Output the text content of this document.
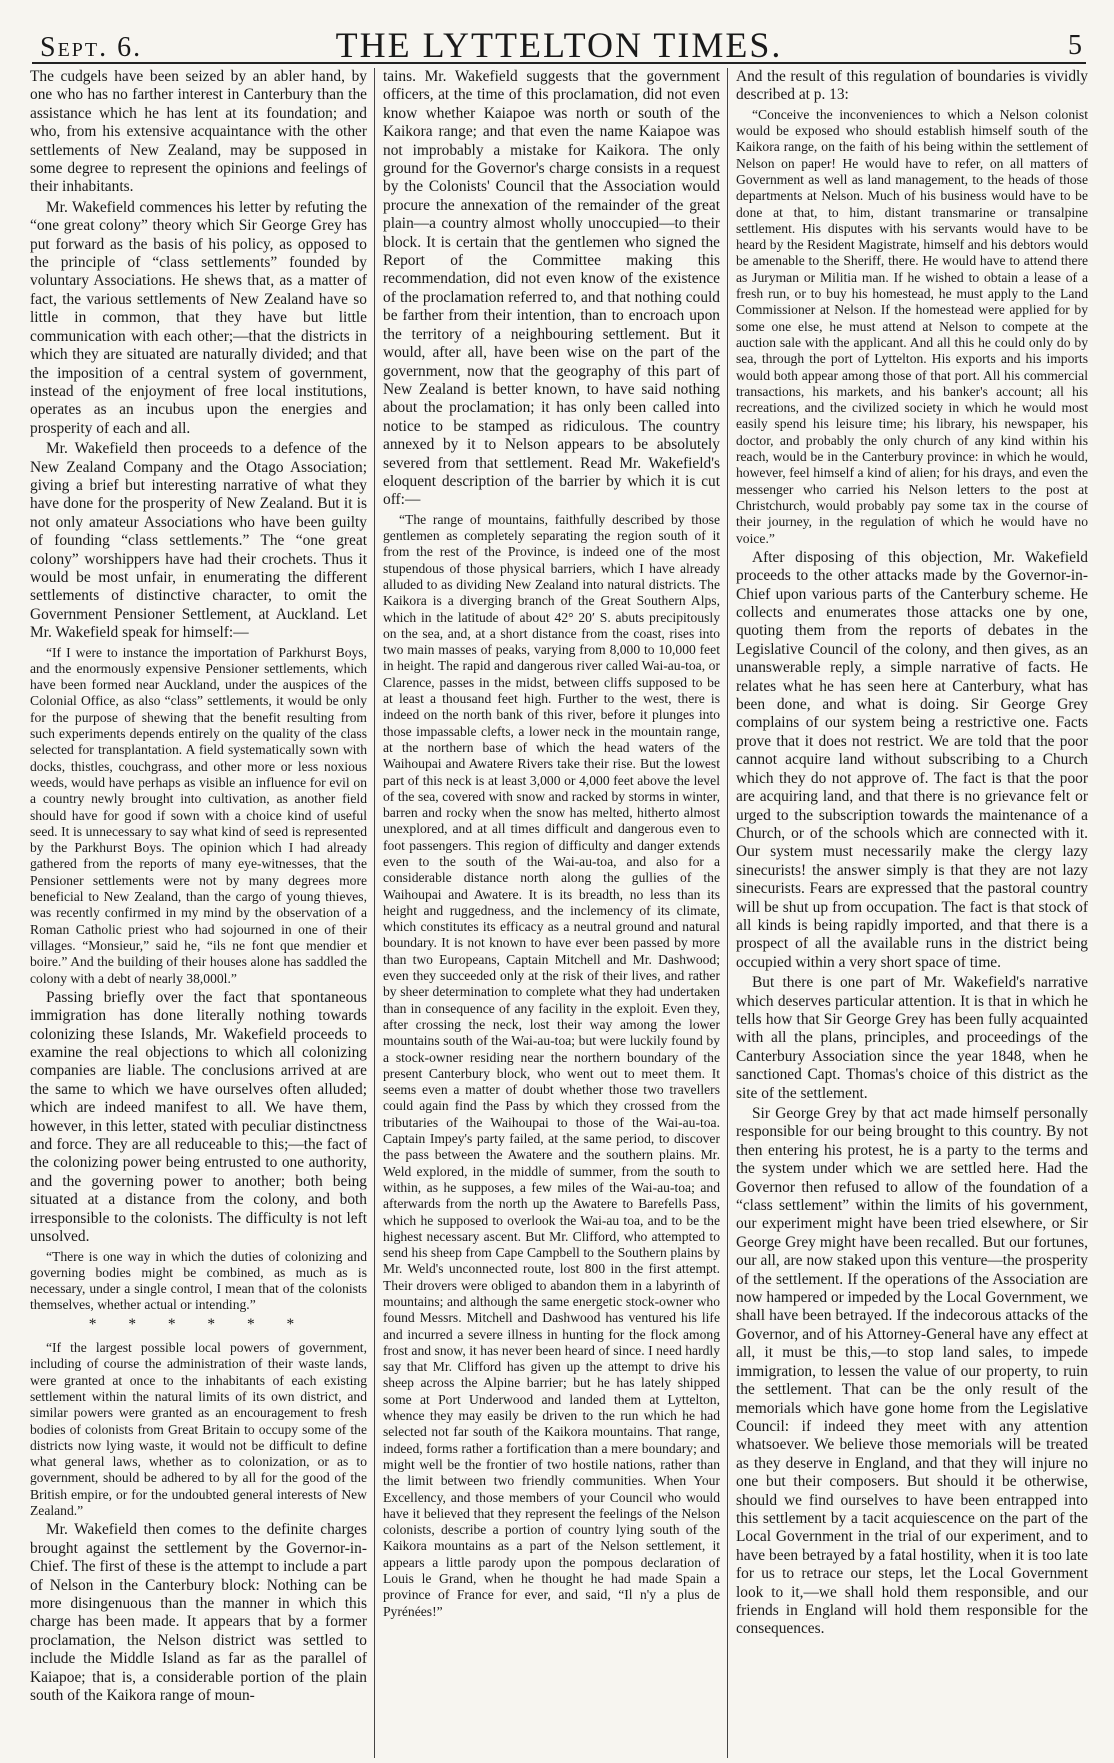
Sept. 6.	THE LYTTELTON TIMES.	5

The cudgels have been seized by an abler hand, by one who has no farther interest in Canterbury than the assistance which he has lent at its foundation; and who, from his extensive acquaintance with the other settlements of New Zealand, may be supposed in some degree to represent the opinions and feelings of their inhabitants.

Mr. Wakefield commences his letter by refuting the “one great colony” theory which Sir George Grey has put forward as the basis of his policy, as opposed to the principle of “class settlements” founded by voluntary Associations. He shews that, as a matter of fact, the various settlements of New Zealand have so little in common, that they have but little communication with each other;—that the districts in which they are situated are naturally divided; and that the imposition of a central system of government, instead of the enjoyment of free local institutions, operates as an incubus upon the energies and prosperity of each and all.

Mr. Wakefield then proceeds to a defence of the New Zealand Company and the Otago Association; giving a brief but interesting narrative of what they have done for the prosperity of New Zealand. But it is not only amateur Associations who have been guilty of founding “class settlements.” The “one great colony” worshippers have had their crochets. Thus it would be most unfair, in enumerating the different settlements of distinctive character, to omit the Government Pensioner Settlement, at Auckland. Let Mr. Wakefield speak for himself:—

“If I were to instance the importation of Parkhurst Boys, and the enormously expensive Pensioner settlements, which have been formed near Auckland, under the auspices of the Colonial Office, as also “class” settlements, it would be only for the purpose of shewing that the benefit resulting from such experiments depends entirely on the quality of the class selected for transplantation. A field systematically sown with docks, thistles, couchgrass, and other more or less noxious weeds, would have perhaps as visible an influence for evil on a country newly brought into cultivation, as another field should have for good if sown with a choice kind of useful seed. It is unnecessary to say what kind of seed is represented by the Parkhurst Boys. The opinion which I had already gathered from the reports of many eye-witnesses, that the Pensioner settlements were not by many degrees more beneficial to New Zealand, than the cargo of young thieves, was recently confirmed in my mind by the observation of a Roman Catholic priest who had sojourned in one of their villages. “Monsieur,” said he, “ils ne font que mendier et boire.” And the building of their houses alone has saddled the colony with a debt of nearly 38,000l.”

Passing briefly over the fact that spontaneous immigration has done literally nothing towards colonizing these Islands, Mr. Wakefield proceeds to examine the real objections to which all colonizing companies are liable. The conclusions arrived at are the same to which we have ourselves often alluded; which are indeed manifest to all. We have them, however, in this letter, stated with peculiar distinctness and force. They are all reduceable to this;—the fact of the colonizing power being entrusted to one authority, and the governing power to another; both being situated at a distance from the colony, and both irresponsible to the colonists. The difficulty is not left unsolved.

“There is one way in which the duties of colonizing and governing bodies might be combined, as much as is necessary, under a single control, I mean that of the colonists themselves, whether actual or intending.”

* * * * * *

“If the largest possible local powers of government, including of course the administration of their waste lands, were granted at once to the inhabitants of each existing settlement within the natural limits of its own district, and similar powers were granted as an encouragement to fresh bodies of colonists from Great Britain to occupy some of the districts now lying waste, it would not be difficult to define what general laws, whether as to colonization, or as to government, should be adhered to by all for the good of the British empire, or for the undoubted general interests of New Zealand.”

Mr. Wakefield then comes to the definite charges brought against the settlement by the Governor-in-Chief. The first of these is the attempt to include a part of Nelson in the Canterbury block: Nothing can be more disingenuous than the manner in which this charge has been made. It appears that by a former proclamation, the Nelson district was settled to include the Middle Island as far as the parallel of Kaiapoe; that is, a considerable portion of the plain south of the Kaikora range of moun-

tains. Mr. Wakefield suggests that the government officers, at the time of this proclamation, did not even know whether Kaiapoe was north or south of the Kaikora range; and that even the name Kaiapoe was not improbably a mistake for Kaikora. The only ground for the Governor's charge consists in a request by the Colonists' Council that the Association would procure the annexation of the remainder of the great plain—a country almost wholly unoccupied—to their block. It is certain that the gentlemen who signed the Report of the Committee making this recommendation, did not even know of the existence of the proclamation referred to, and that nothing could be farther from their intention, than to encroach upon the territory of a neighbouring settlement. But it would, after all, have been wise on the part of the government, now that the geography of this part of New Zealand is better known, to have said nothing about the proclamation; it has only been called into notice to be stamped as ridiculous. The country annexed by it to Nelson appears to be absolutely severed from that settlement. Read Mr. Wakefield's eloquent description of the barrier by which it is cut off:—

“The range of mountains, faithfully described by those gentlemen as completely separating the region south of it from the rest of the Province, is indeed one of the most stupendous of those physical barriers, which I have already alluded to as dividing New Zealand into natural districts. The Kaikora is a diverging branch of the Great Southern Alps, which in the latitude of about 42° 20′ S. abuts precipitously on the sea, and, at a short distance from the coast, rises into two main masses of peaks, varying from 8,000 to 10,000 feet in height. The rapid and dangerous river called Wai-au-toa, or Clarence, passes in the midst, between cliffs supposed to be at least a thousand feet high. Further to the west, there is indeed on the north bank of this river, before it plunges into those impassable clefts, a lower neck in the mountain range, at the northern base of which the head waters of the Waihoupai and Awatere Rivers take their rise. But the lowest part of this neck is at least 3,000 or 4,000 feet above the level of the sea, covered with snow and racked by storms in winter, barren and rocky when the snow has melted, hitherto almost unexplored, and at all times difficult and dangerous even to foot passengers. This region of difficulty and danger extends even to the south of the Wai-au-toa, and also for a considerable distance north along the gullies of the Waihoupai and Awatere. It is its breadth, no less than its height and ruggedness, and the inclemency of its climate, which constitutes its efficacy as a neutral ground and natural boundary. It is not known to have ever been passed by more than two Europeans, Captain Mitchell and Mr. Dashwood; even they succeeded only at the risk of their lives, and rather by sheer determination to complete what they had undertaken than in consequence of any facility in the exploit. Even they, after crossing the neck, lost their way among the lower mountains south of the Wai-au-toa; but were luckily found by a stock-owner residing near the northern boundary of the present Canterbury block, who went out to meet them. It seems even a matter of doubt whether those two travellers could again find the Pass by which they crossed from the tributaries of the Waihoupai to those of the Wai-au-toa. Captain Impey's party failed, at the same period, to discover the pass between the Awatere and the southern plains. Mr. Weld explored, in the middle of summer, from the south to within, as he supposes, a few miles of the Wai-au-toa; and afterwards from the north up the Awatere to Barefells Pass, which he supposed to overlook the Wai-au toa, and to be the highest necessary ascent. But Mr. Clifford, who attempted to send his sheep from Cape Campbell to the Southern plains by Mr. Weld's unconnected route, lost 800 in the first attempt. Their drovers were obliged to abandon them in a labyrinth of mountains; and although the same energetic stock-owner who found Messrs. Mitchell and Dashwood has ventured his life and incurred a severe illness in hunting for the flock among frost and snow, it has never been heard of since. I need hardly say that Mr. Clifford has given up the attempt to drive his sheep across the Alpine barrier; but he has lately shipped some at Port Underwood and landed them at Lyttelton, whence they may easily be driven to the run which he had selected not far south of the Kaikora mountains. That range, indeed, forms rather a fortification than a mere boundary; and might well be the frontier of two hostile nations, rather than the limit between two friendly communities. When Your Excellency, and those members of your Council who would have it believed that they represent the feelings of the Nelson colonists, describe a portion of country lying south of the Kaikora mountains as a part of the Nelson settlement, it appears a little parody upon the pompous declaration of Louis le Grand, when he thought he had made Spain a province of France for ever, and said, “Il n'y a plus de Pyrénées!”

And the result of this regulation of boundaries is vividly described at p. 13:

“Conceive the inconveniences to which a Nelson colonist would be exposed who should establish himself south of the Kaikora range, on the faith of his being within the settlement of Nelson on paper! He would have to refer, on all matters of Government as well as land management, to the heads of those departments at Nelson. Much of his business would have to be done at that, to him, distant transmarine or transalpine settlement. His disputes with his servants would have to be heard by the Resident Magistrate, himself and his debtors would be amenable to the Sheriff, there. He would have to attend there as Juryman or Militia man. If he wished to obtain a lease of a fresh run, or to buy his homestead, he must apply to the Land Commissioner at Nelson. If the homestead were applied for by some one else, he must attend at Nelson to compete at the auction sale with the applicant. And all this he could only do by sea, through the port of Lyttelton. His exports and his imports would both appear among those of that port. All his commercial transactions, his markets, and his banker's account; all his recreations, and the civilized society in which he would most easily spend his leisure time; his library, his newspaper, his doctor, and probably the only church of any kind within his reach, would be in the Canterbury province: in which he would, however, feel himself a kind of alien; for his drays, and even the messenger who carried his Nelson letters to the post at Christchurch, would probably pay some tax in the course of their journey, in the regulation of which he would have no voice.”

After disposing of this objection, Mr. Wakefield proceeds to the other attacks made by the Governor-in-Chief upon various parts of the Canterbury scheme. He collects and enumerates those attacks one by one, quoting them from the reports of debates in the Legislative Council of the colony, and then gives, as an unanswerable reply, a simple narrative of facts. He relates what he has seen here at Canterbury, what has been done, and what is doing. Sir George Grey complains of our system being a restrictive one. Facts prove that it does not restrict. We are told that the poor cannot acquire land without subscribing to a Church which they do not approve of. The fact is that the poor are acquiring land, and that there is no grievance felt or urged to the subscription towards the maintenance of a Church, or of the schools which are connected with it. Our system must necessarily make the clergy lazy sinecurists! the answer simply is that they are not lazy sinecurists. Fears are expressed that the pastoral country will be shut up from occupation. The fact is that stock of all kinds is being rapidly imported, and that there is a prospect of all the available runs in the district being occupied within a very short space of time.

But there is one part of Mr. Wakefield's narrative which deserves particular attention. It is that in which he tells how that Sir George Grey has been fully acquainted with all the plans, principles, and proceedings of the Canterbury Association since the year 1848, when he sanctioned Capt. Thomas's choice of this district as the site of the settlement.

Sir George Grey by that act made himself personally responsible for our being brought to this country. By not then entering his protest, he is a party to the terms and the system under which we are settled here. Had the Governor then refused to allow of the foundation of a “class settlement” within the limits of his government, our experiment might have been tried elsewhere, or Sir George Grey might have been recalled. But our fortunes, our all, are now staked upon this venture—the prosperity of the settlement. If the operations of the Association are now hampered or impeded by the Local Government, we shall have been betrayed. If the indecorous attacks of the Governor, and of his Attorney-General have any effect at all, it must be this,—to stop land sales, to impede immigration, to lessen the value of our property, to ruin the settlement. That can be the only result of the memorials which have gone home from the Legislative Council: if indeed they meet with any attention whatsoever. We believe those memorials will be treated as they deserve in England, and that they will injure no one but their composers. But should it be otherwise, should we find ourselves to have been entrapped into this settlement by a tacit acquiescence on the part of the Local Government in the trial of our experiment, and to have been betrayed by a fatal hostility, when it is too late for us to retrace our steps, let the Local Government look to it,—we shall hold them responsible, and our friends in England will hold them responsible for the consequences.
